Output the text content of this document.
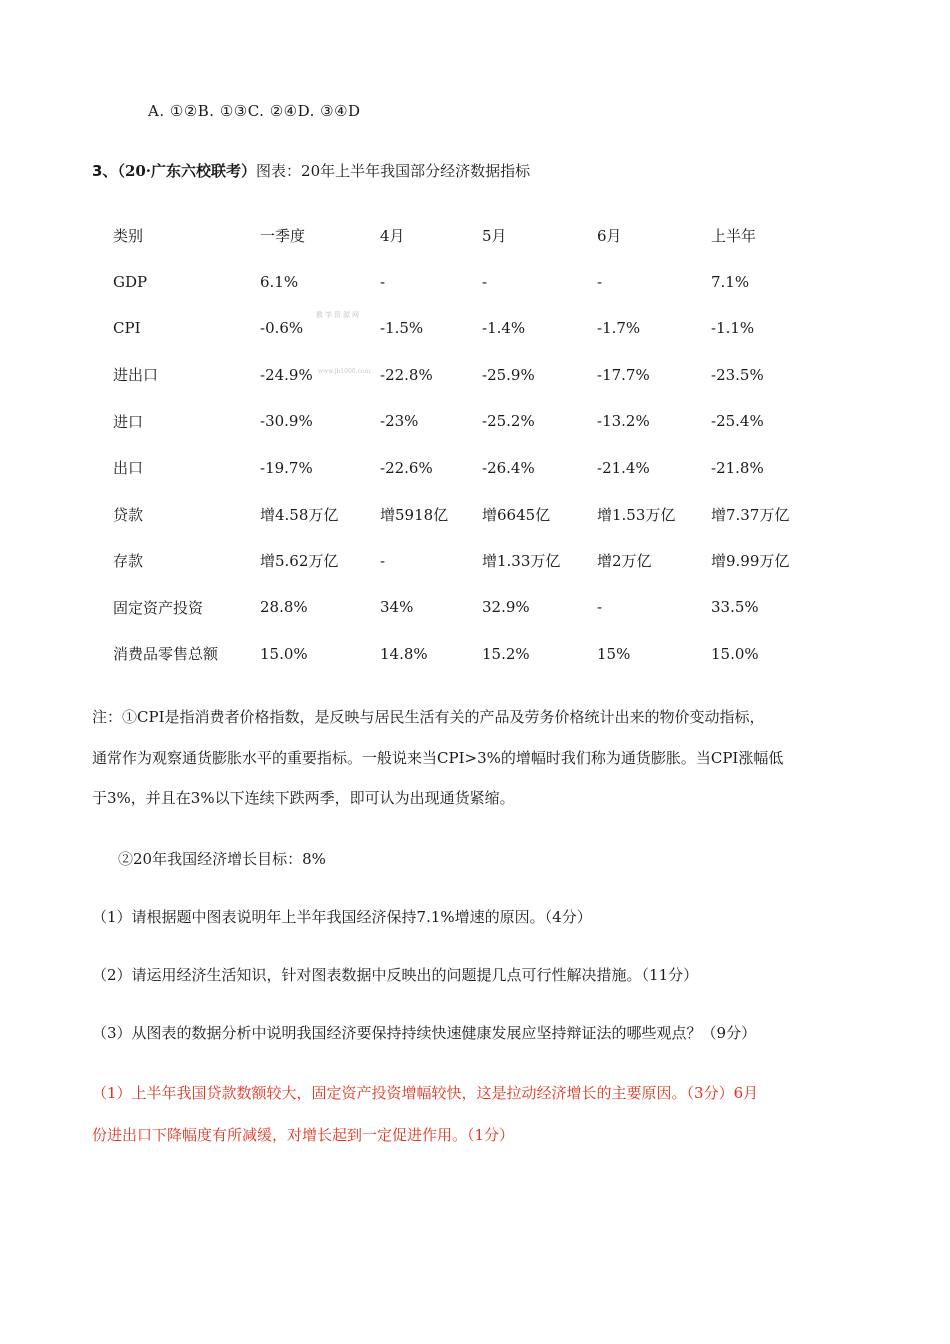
A. ①②B. ①③C. ②④D. ③④D
3、（20·广东六校联考）图表：20年上半年我国部分经济数据指标
类别	一季度	4月	5月	6月	上半年
GDP	6.1%	-	-	-	7.1%
CPI	-0.6%	-1.5%	-1.4%	-1.7%	-1.1%
进出口	-24.9%	-22.8%	-25.9%	-17.7%	-23.5%
进口	-30.9%	-23%	-25.2%	-13.2%	-25.4%
出口	-19.7%	-22.6%	-26.4%	-21.4%	-21.8%
贷款	增4.58万亿	增5918亿	增6645亿	增1.53万亿	增7.37万亿
存款	增5.62万亿	-	增1.33万亿	增2万亿	增9.99万亿
固定资产投资	28.8%	34%	32.9%	-	33.5%
消费品零售总额	15.0%	14.8%	15.2%	15%	15.0%
教学资源网
www.jb1000.com
注：①CPI是指消费者价格指数，是反映与居民生活有关的产品及劳务价格统计出来的物价变动指标，
通常作为观察通货膨胀水平的重要指标。一般说来当CPI>3%的增幅时我们称为通货膨胀。当CPI涨幅低
于3%，并且在3%以下连续下跌两季，即可认为出现通货紧缩。
②20年我国经济增长目标：8%
（1）请根据题中图表说明年上半年我国经济保持7.1%增速的原因。（4分）
（2）请运用经济生活知识，针对图表数据中反映出的问题提几点可行性解决措施。（11分）
（3）从图表的数据分析中说明我国经济要保持持续快速健康发展应坚持辩证法的哪些观点？（9分）
（1）上半年我国贷款数额较大，固定资产投资增幅较快，这是拉动经济增长的主要原因。（3分）6月
份进出口下降幅度有所减缓，对增长起到一定促进作用。（1分）
